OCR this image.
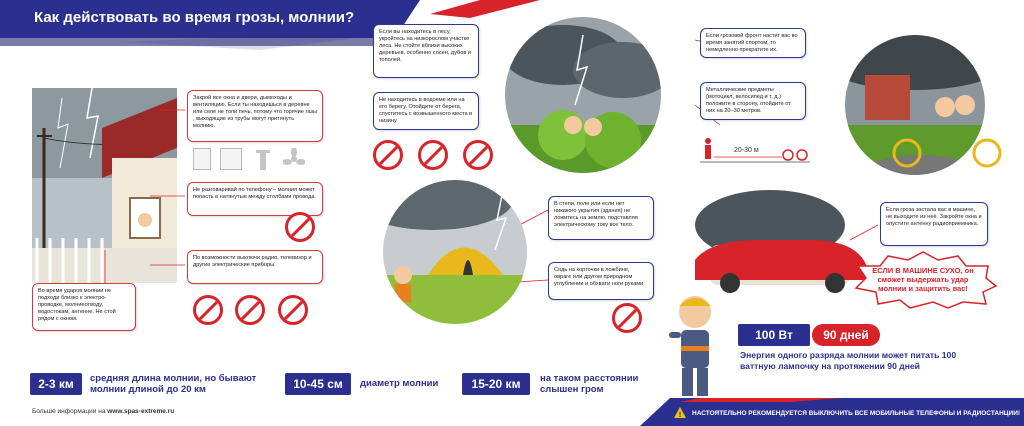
Как действовать во время грозы, молнии?
Закрой все окна и двери, дымоходы и вентиляцию. Если ты находишься в деревне или селе не топи печь, потому что горячие газы , выходящие из трубы могут притянуть молнию.
Не разговаривай по телефону – молния может попасть в натянутые между столбами провода.
По возможности выключи радио, телевизор и другие электрические приборы.
Во время ударов молнии не подходи близко к электро-проводке, молниеотводу, водостокам, антенне. Не стой рядом с окном.
Если вы находитесь в лесу, укройтесь на низкорослом участке леса. Не стойте вблизи высоких деревьев, особенно сосен, дубов и тополей.
Не находитесь в водоеме или на его берегу. Отойдите от берега, спуститесь с возвышенного места в низину.
В степи, поле или если нет никакого укрытия (здания) не ложитесь на землю, подставляя электрическому току все тело.
Сядь на корточки в ложбине, овраге или другом природном углублении и обхвати ноги руками.
Если грозовой фронт настиг вас во время занятий спортом, то немедленно прекратите их.
Металлические предметы (мотоцикл, велосипед и т. д.) положите в сторону, отойдите от них на 20–30 метров.
20-30 м
Если гроза застала вас в машине, не выходите из неё. Закройте окна и опустите антенну радиоприемника.
ЕСЛИ В МАШИНЕ СУХО, он сможет выдержать удар молнии и защитить вас!
100 Вт	90 дней
Энергия одного разряда молнии может питать 100 ваттную лампочку на протяжении 90 дней
2-3 км	средняя длина молнии, но бывают молнии длиной до 20 км	10-45 см	диаметр молнии	15-20 км	на таком расстоянии слышен гром
Больше информации на www.spas-extreme.ru
! НАСТОЯТЕЛЬНО РЕКОМЕНДУЕТСЯ ВЫКЛЮЧИТЬ ВСЕ МОБИЛЬНЫЕ ТЕЛЕФОНЫ И РАДИОСТАНЦИИ!
